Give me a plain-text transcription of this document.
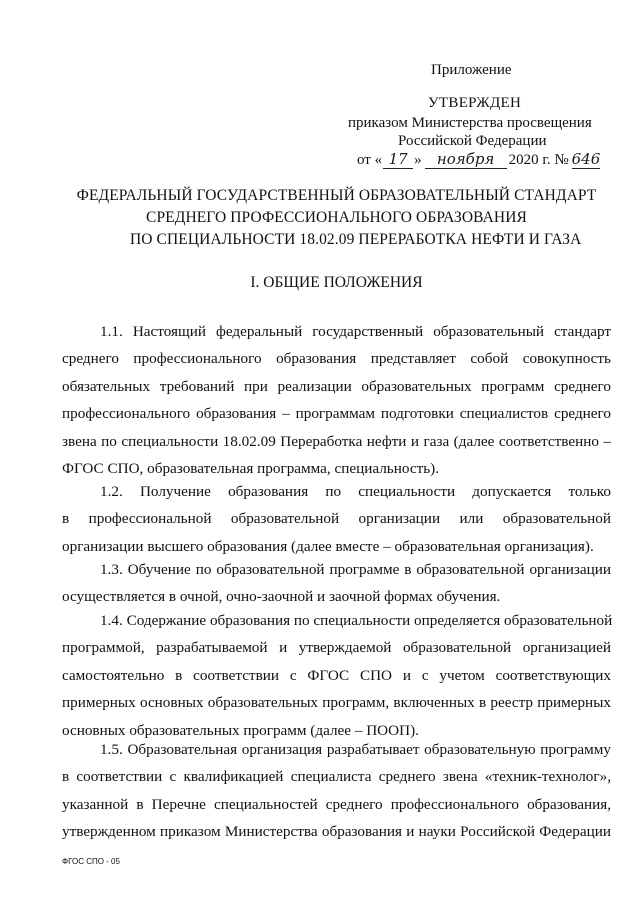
Приложение
УТВЕРЖДЕН
приказом Министерства просвещения
Российской Федерации
от « 17 » ноября 2020 г. № 646
ФЕДЕРАЛЬНЫЙ ГОСУДАРСТВЕННЫЙ ОБРАЗОВАТЕЛЬНЫЙ СТАНДАРТ
СРЕДНЕГО ПРОФЕССИОНАЛЬНОГО ОБРАЗОВАНИЯ
ПО СПЕЦИАЛЬНОСТИ 18.02.09 ПЕРЕРАБОТКА НЕФТИ И ГАЗА
I. ОБЩИЕ ПОЛОЖЕНИЯ
1.1. Настоящий федеральный государственный образовательный стандарт
среднего профессионального образования представляет собой совокупность
обязательных требований при реализации образовательных программ среднего
профессионального образования – программам подготовки специалистов среднего
звена по специальности 18.02.09 Переработка нефти и газа (далее соответственно –
ФГОС СПО, образовательная программа, специальность).
1.2. Получение образования по специальности допускается только
в профессиональной образовательной организации или образовательной
организации высшего образования (далее вместе – образовательная организация).
1.3. Обучение по образовательной программе в образовательной организации
осуществляется в очной, очно-заочной и заочной формах обучения.
1.4. Содержание образования по специальности определяется образовательной
программой, разрабатываемой и утверждаемой образовательной организацией
самостоятельно в соответствии с ФГОС СПО и с учетом соответствующих
примерных основных образовательных программ, включенных в реестр примерных
основных образовательных программ (далее – ПООП).
1.5. Образовательная организация разрабатывает образовательную программу
в соответствии с квалификацией специалиста среднего звена «техник-технолог»,
указанной в Перечне специальностей среднего профессионального образования,
утвержденном приказом Министерства образования и науки Российской Федерации
ФГОС СПО - 05
